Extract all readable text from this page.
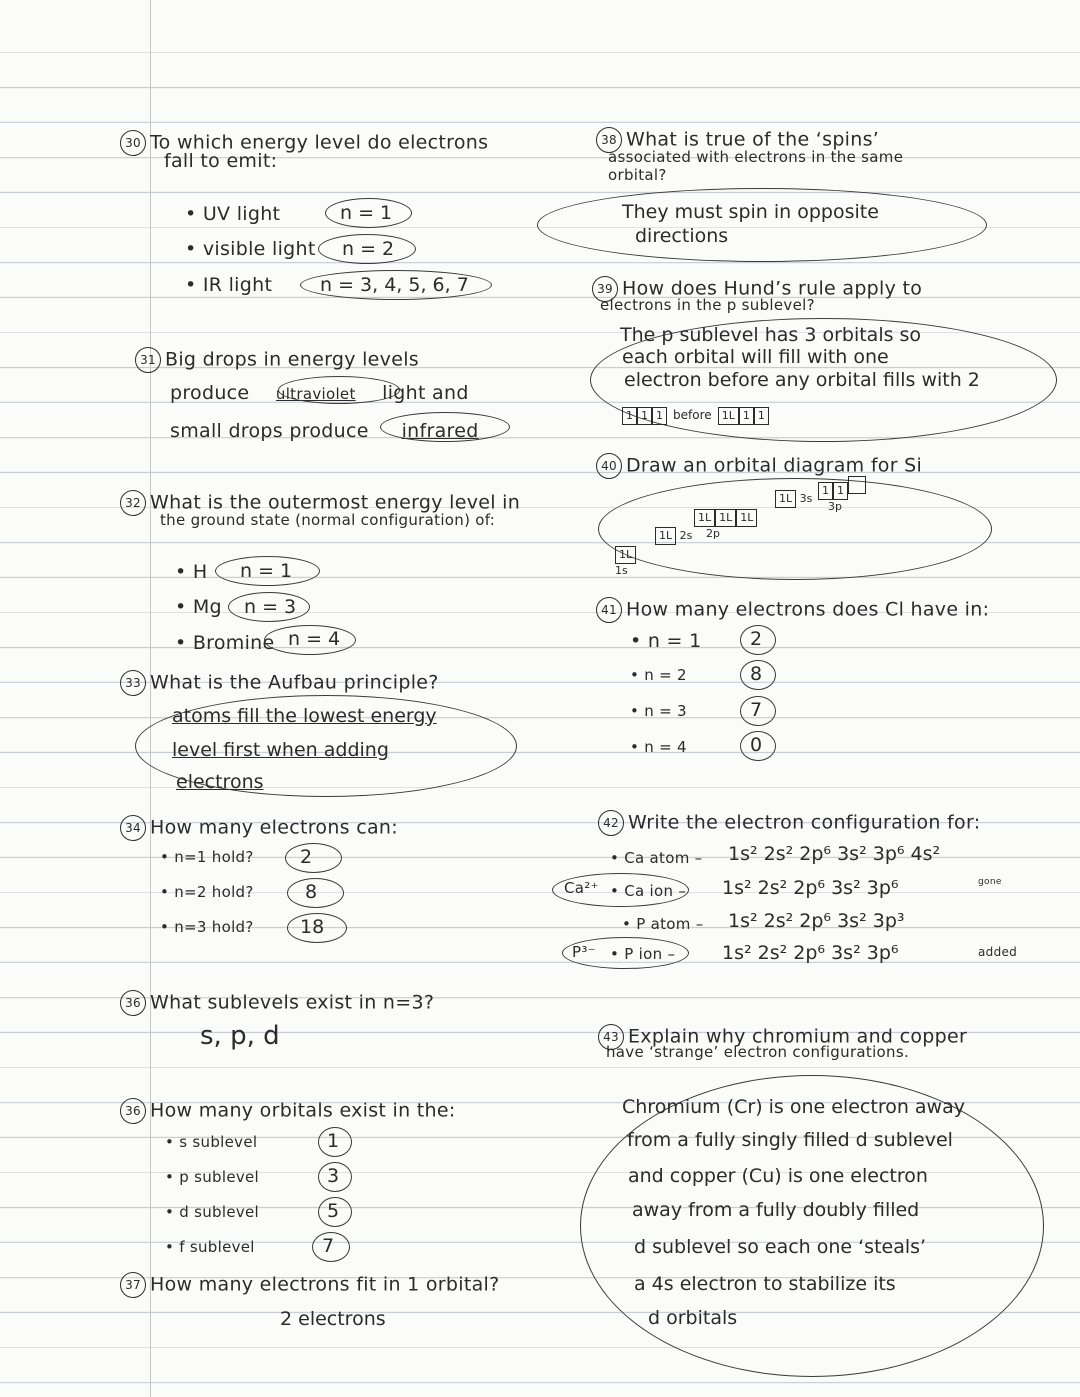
30 To which energy level do electrons
fall to emit:
• UV light	n = 1
• visible light n = 2
• IR light	n = 3, 4, 5, 6, 7
31 Big drops in energy levels
produce ultraviolet light and
small drops produce infrared
32 What is the outermost energy level in
the ground state (normal configuration) of:
• H n = 1
• Mg n = 3
• Bromine n = 4
33 What is the Aufbau principle?
atoms fill the lowest energy
level first when adding
electrons
34 How many electrons can:
• n=1 hold? 2
• n=2 hold?	8
• n=3 hold? 18
36 What sublevels exist in n=3?
s, p, d
36 How many orbitals exist in the:
• s sublevel	1
• p sublevel	3
• d sublevel	5
• f sublevel	7
37 How many electrons fit in 1 orbital?
2 electrons
38 What is true of the ‘spins’
associated with electrons in the same
orbital?
They must spin in opposite
directions
39 How does Hund’s rule apply to
electrons in the p sublevel?
The p sublevel has 3 orbitals so
each orbital will fill with one
electron before any orbital fills with 2
1 1 1 before 1L 1 1
40 Draw an orbital diagram for Si
1L
1s
1L 2s
1L 1L 1L
2p
1L 3s
1 1
3p
41 How many electrons does Cl have in:
• n = 1	2
• n = 2	8
• n = 3	7
• n = 4	0
42 Write the electron configuration for:
• Ca atom – 1s² 2s² 2p⁶ 3s² 3p⁶ 4s²
Ca²⁺ • Ca ion – 1s² 2s² 2p⁶ 3s² 3p⁶	gone
• P atom – 1s² 2s² 2p⁶ 3s² 3p³
P³⁻ • P ion – 1s² 2s² 2p⁶ 3s² 3p⁶	added
43 Explain why chromium and copper
have ‘strange’ electron configurations.
Chromium (Cr) is one electron away
from a fully singly filled d sublevel
and copper (Cu) is one electron
away from a fully doubly filled
d sublevel so each one ‘steals’
a 4s electron to stabilize its
d orbitals
